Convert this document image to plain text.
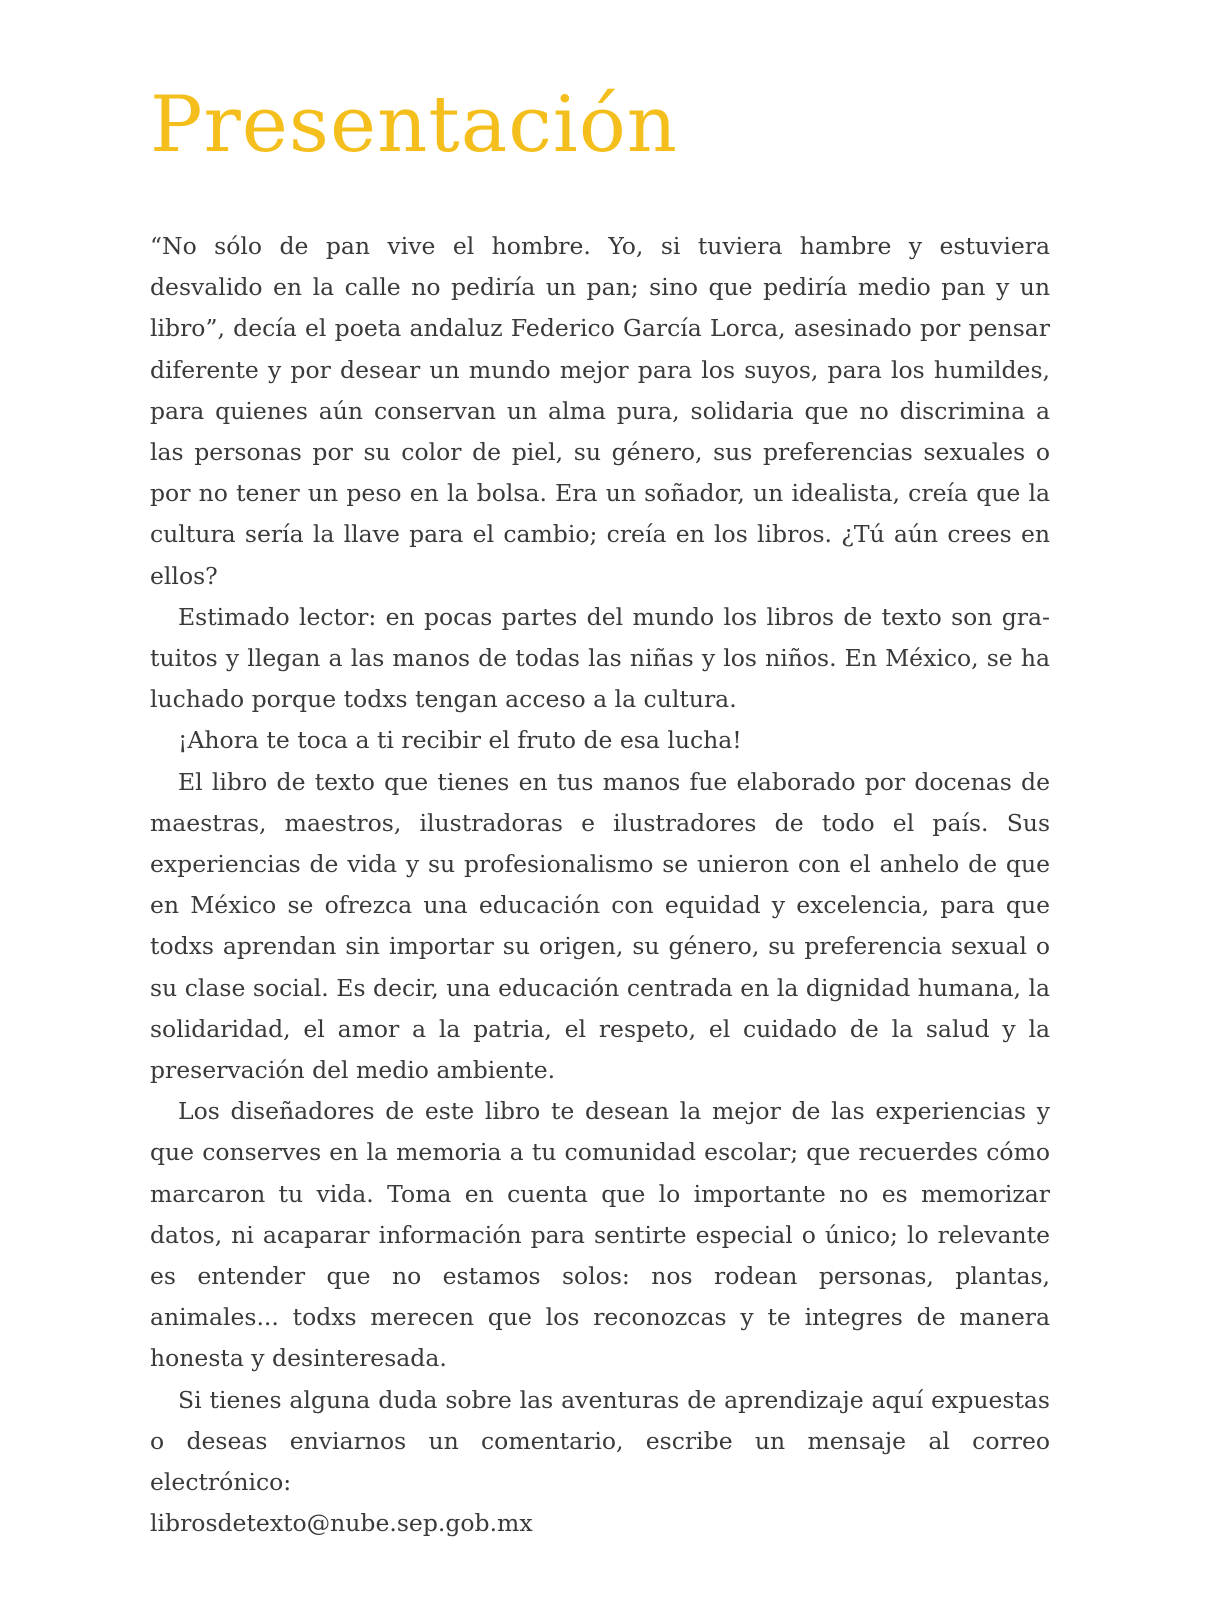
Presentación

“No sólo de pan vive el hombre. Yo, si tuviera hambre y estuviera desvalido en la calle no pediría un pan; sino que pediría medio pan y un libro”, decía el poeta andaluz Federico García Lorca, asesinado por pensar diferente y por desear un mundo mejor para los suyos, para los humildes, para quienes aún conservan un alma pura, solidaria que no discrimina a las personas por su color de piel, su género, sus preferencias sexuales o por no tener un peso en la bolsa. Era un soñador, un idealista, creía que la cultura sería la llave para el cambio; creía en los libros. ¿Tú aún crees en ellos?

Estimado lector: en pocas partes del mundo los libros de texto son gratuitos y llegan a las manos de todas las niñas y los niños. En México, se ha luchado porque todxs tengan acceso a la cultura.

¡Ahora te toca a ti recibir el fruto de esa lucha!

El libro de texto que tienes en tus manos fue elaborado por docenas de maestras, maestros, ilustradoras e ilustradores de todo el país. Sus experiencias de vida y su profesionalismo se unieron con el anhelo de que en México se ofrezca una educación con equidad y excelencia, para que todxs aprendan sin importar su origen, su género, su preferencia sexual o su clase social. Es decir, una educación centrada en la dignidad humana, la solidaridad, el amor a la patria, el respeto, el cuidado de la salud y la preservación del medio ambiente.

Los diseñadores de este libro te desean la mejor de las experiencias y que conserves en la memoria a tu comunidad escolar; que recuerdes cómo marcaron tu vida. Toma en cuenta que lo importante no es memorizar datos, ni acaparar información para sentirte especial o único; lo relevante es entender que no estamos solos: nos rodean personas, plantas, animales... todxs merecen que los reconozcas y te integres de manera honesta y desinteresada.

Si tienes alguna duda sobre las aventuras de aprendizaje aquí expuestas o deseas enviarnos un comentario, escribe un mensaje al correo electrónico:

librosdetexto@nube.sep.gob.mx
